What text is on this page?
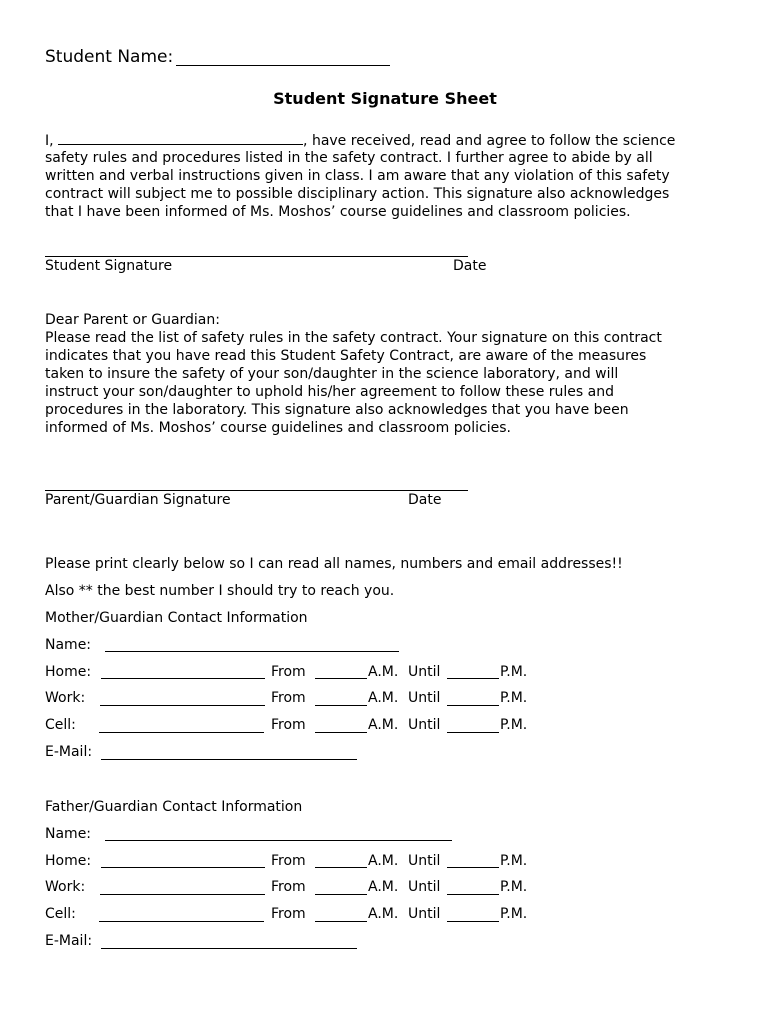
Student Name:
Student Signature Sheet
I,	, have received, read and agree to follow the science
safety rules and procedures listed in the safety contract. I further agree to abide by all
written and verbal instructions given in class. I am aware that any violation of this safety
contract will subject me to possible disciplinary action. This signature also acknowledges
that I have been informed of Ms. Moshos’ course guidelines and classroom policies.
Student Signature	Date
Dear Parent or Guardian:
Please read the list of safety rules in the safety contract. Your signature on this contract
indicates that you have read this Student Safety Contract, are aware of the measures
taken to insure the safety of your son/daughter in the science laboratory, and will
instruct your son/daughter to uphold his/her agreement to follow these rules and
procedures in the laboratory. This signature also acknowledges that you have been
informed of Ms. Moshos’ course guidelines and classroom policies.
Parent/Guardian Signature	Date
Please print clearly below so I can read all names, numbers and email addresses!!
Also ** the best number I should try to reach you.
Mother/Guardian Contact Information
Name:
Home:	From	A.M. Until	P.M.
Work:	From	A.M. Until	P.M.
Cell:	From	A.M. Until	P.M.
E-Mail:
Father/Guardian Contact Information
Name:
Home:	From	A.M. Until	P.M.
Work:	From	A.M. Until	P.M.
Cell:	From	A.M. Until	P.M.
E-Mail:
